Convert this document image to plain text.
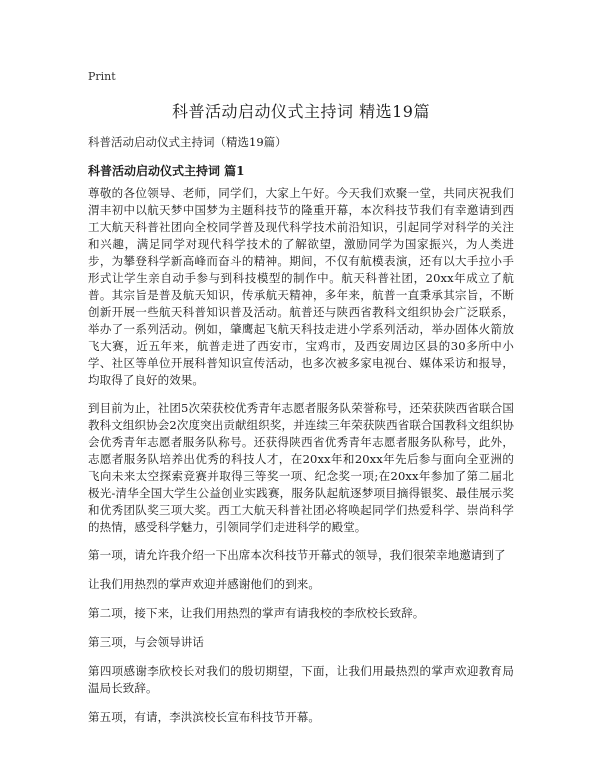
Print
科普活动启动仪式主持词 精选19篇

科普活动启动仪式主持词（精选19篇）

科普活动启动仪式主持词 篇1

尊敬的各位领导、老师，同学们，大家上午好。今天我们欢聚一堂，共同庆祝我们渭丰初中以航天梦中国梦为主题科技节的隆重开幕，本次科技节我们有幸邀请到西工大航天科普社团向全校同学普及现代科学技术前沿知识，引起同学对科学的关注和兴趣，满足同学对现代科学技术的了解欲望，激励同学为国家振兴，为人类进步，为攀登科学新高峰而奋斗的精神。期间，不仅有航模表演，还有以大手拉小手形式让学生亲自动手参与到科技模型的制作中。航天科普社团，20xx年成立了航普。其宗旨是普及航天知识，传承航天精神，多年来，航普一直秉承其宗旨，不断创新开展一些航天科普知识普及活动。航普还与陕西省教科文组织协会广泛联系，举办了一系列活动。例如，肇鹰起飞航天科技走进小学系列活动，举办固体火箭放飞大赛，近五年来，航普走进了西安市，宝鸡市，及西安周边区县的30多所中小学、社区等单位开展科普知识宣传活动，也多次被多家电视台、媒体采访和报导，均取得了良好的效果。

到目前为止，社团5次荣获校优秀青年志愿者服务队荣誉称号，还荣获陕西省联合国教科文组织协会2次度突出贡献组织奖，并连续三年荣获陕西省联合国教科文组织协会优秀青年志愿者服务队称号。还获得陕西省优秀青年志愿者服务队称号，此外，志愿者服务队培养出优秀的科技人才，在20xx年和20xx年先后参与面向全亚洲的飞向未来太空探索竞赛并取得三等奖一项、纪念奖一项;在20xx年参加了第二届北极光-清华全国大学生公益创业实践赛，服务队起航逐梦项目摘得银奖、最佳展示奖和优秀团队奖三项大奖。西工大航天科普社团必将唤起同学们热爱科学、崇尚科学的热情，感受科学魅力，引领同学们走进科学的殿堂。

第一项，请允许我介绍一下出席本次科技节开幕式的领导，我们很荣幸地邀请到了

让我们用热烈的掌声欢迎并感谢他们的到来。

第二项，接下来，让我们用热烈的掌声有请我校的李欣校长致辞。

第三项，与会领导讲话

第四项感谢李欣校长对我们的殷切期望，下面，让我们用最热烈的掌声欢迎教育局温局长致辞。

第五项，有请，李洪滨校长宣布科技节开幕。
